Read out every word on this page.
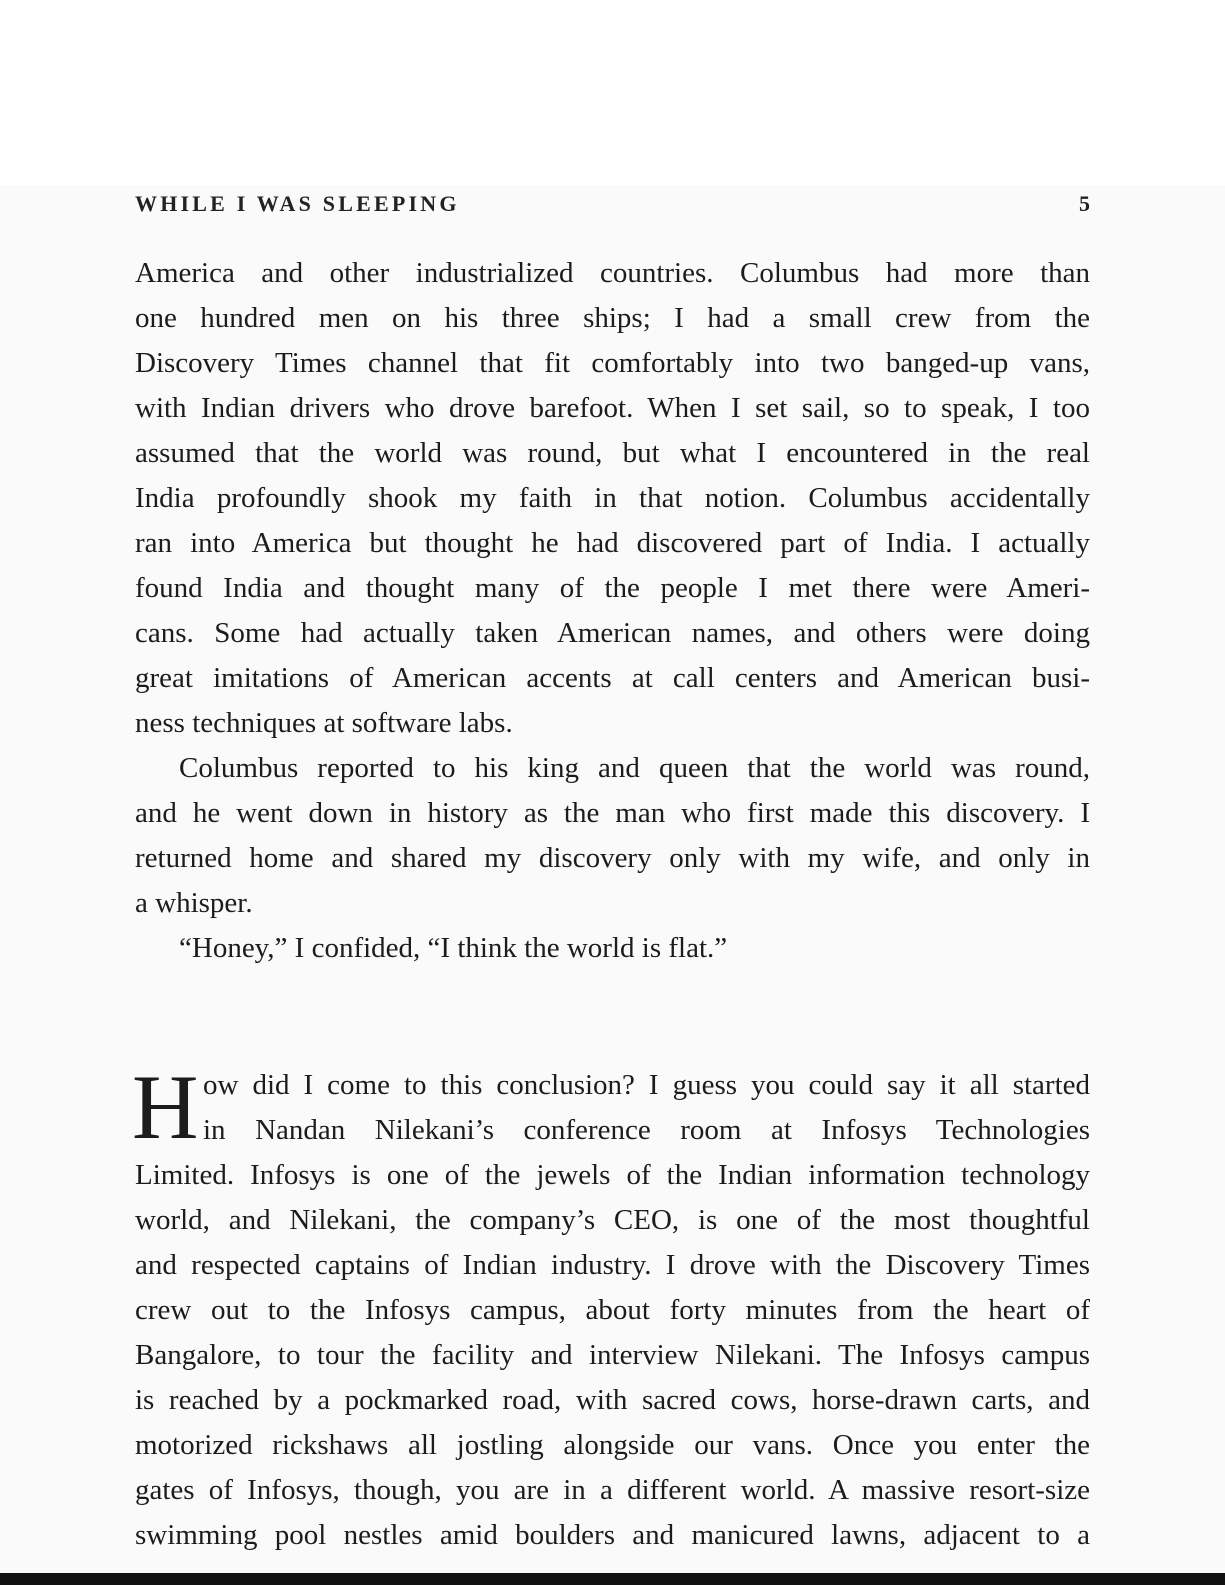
WHILE I WAS SLEEPING	5
America and other industrialized countries. Columbus had more than
one hundred men on his three ships; I had a small crew from the
Discovery Times channel that fit comfortably into two banged-up vans,
with Indian drivers who drove barefoot. When I set sail, so to speak, I too
assumed that the world was round, but what I encountered in the real
India profoundly shook my faith in that notion. Columbus accidentally
ran into America but thought he had discovered part of India. I actually
found India and thought many of the people I met there were Ameri-
cans. Some had actually taken American names, and others were doing
great imitations of American accents at call centers and American busi-
ness techniques at software labs.
Columbus reported to his king and queen that the world was round,
and he went down in history as the man who first made this discovery. I
returned home and shared my discovery only with my wife, and only in
a whisper.
“Honey,” I confided, “I think the world is flat.”
H ow did I come to this conclusion? I guess you could say it all started
in Nandan Nilekani’s conference room at Infosys Technologies
Limited. Infosys is one of the jewels of the Indian information technology
world, and Nilekani, the company’s CEO, is one of the most thoughtful
and respected captains of Indian industry. I drove with the Discovery Times
crew out to the Infosys campus, about forty minutes from the heart of
Bangalore, to tour the facility and interview Nilekani. The Infosys campus
is reached by a pockmarked road, with sacred cows, horse-drawn carts, and
motorized rickshaws all jostling alongside our vans. Once you enter the
gates of Infosys, though, you are in a different world. A massive resort-size
swimming pool nestles amid boulders and manicured lawns, adjacent to a
